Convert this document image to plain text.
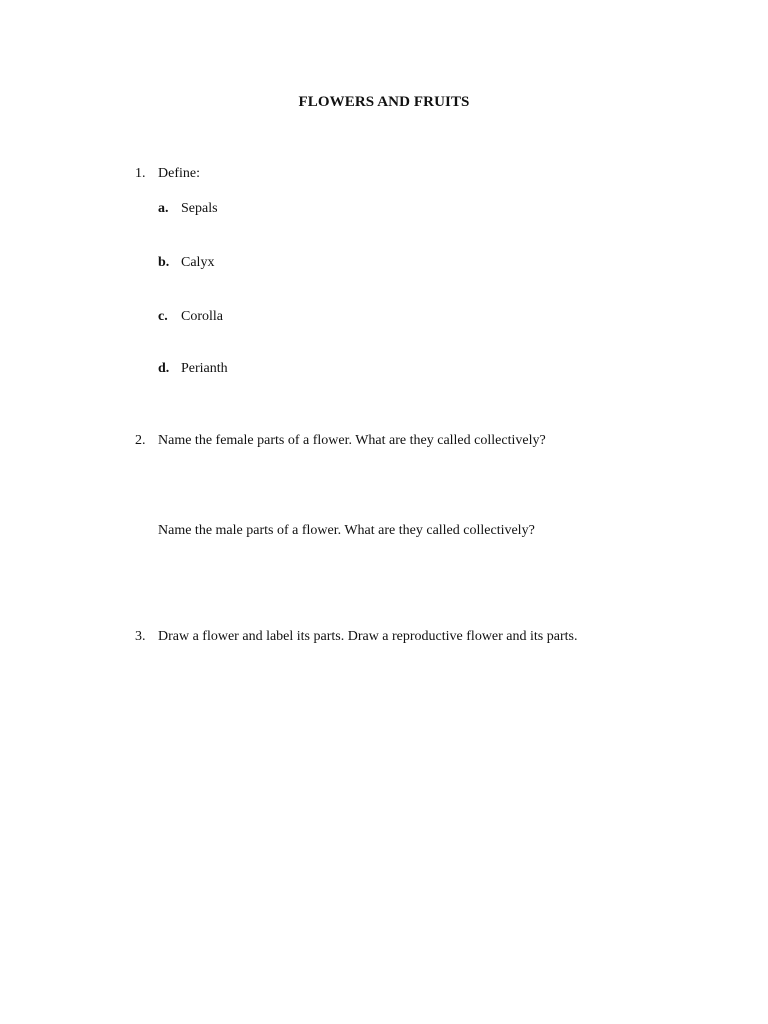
FLOWERS AND FRUITS
1. Define:
a. Sepals
b. Calyx
c. Corolla
d. Perianth
2. Name the female parts of a flower. What are they called collectively?
Name the male parts of a flower. What are they called collectively?
3. Draw a flower and label its parts. Draw a reproductive flower and its parts.
